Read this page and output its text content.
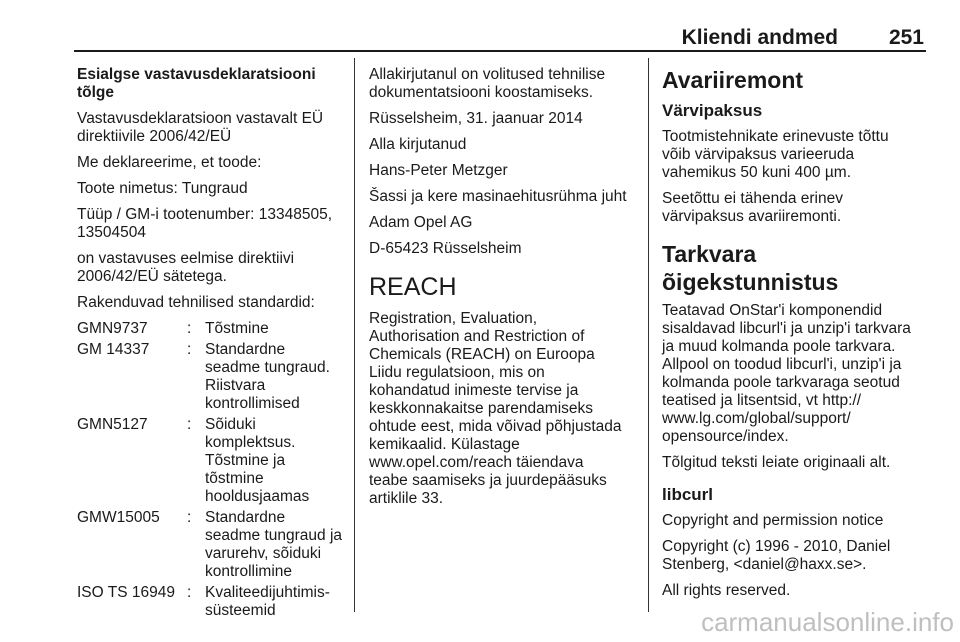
Kliendi andmed 251

Esialgse vastavusdeklaratsiooni
tõlge

Vastavusdeklaratsioon vastavalt EÜ
direktiivile 2006/42/EÜ

Me deklareerime, et toode:

Toote nimetus: Tungraud

Tüüp / GM-i tootenumber: 13348505,
13504504

on vastavuses eelmise direktiivi
2006/42/EÜ sätetega.

Rakenduvad tehnilised standardid:

GMN9737	:	Tõstmine
GM 14337	:	Standardne
seadme tungraud.
Riistvara
kontrollimised
GMN5127	:	Sõiduki
komplektsus.
Tõstmine ja
tõstmine
hooldusjaamas
GMW15005	:	Standardne
seadme tungraud ja
varurehv, sõiduki
kontrollimine
ISO TS 16949	:	Kvaliteedijuhtimis-
süsteemid

Allakirjutanul on volitused tehnilise
dokumentatsiooni koostamiseks.

Rüsselsheim, 31. jaanuar 2014

Alla kirjutanud

Hans-Peter Metzger

Šassi ja kere masinaehitusrühma juht

Adam Opel AG

D-65423 Rüsselsheim

REACH

Registration, Evaluation,
Authorisation and Restriction of
Chemicals (REACH) on Euroopa
Liidu regulatsioon, mis on
kohandatud inimeste tervise ja
keskkonnakaitse parendamiseks
ohtude eest, mida võivad põhjustada
kemikaalid. Külastage
www.opel.com/reach täiendava
teabe saamiseks ja juurdepääsuks
artiklile 33.

Avariiremont
Värvipaksus

Tootmistehnikate erinevuste tõttu
võib värvipaksus varieeruda
vahemikus 50 kuni 400 µm.

Seetõttu ei tähenda erinev
värvipaksus avariiremonti.

Tarkvara õigekstunnistus

Teatavad OnStar'i komponendid
sisaldavad libcurl'i ja unzip'i tarkvara
ja muud kolmanda poole tarkvara.
Allpool on toodud libcurl'i, unzip'i ja
kolmanda poole tarkvaraga seotud
teatised ja litsentsid, vt http://
www.lg.com/global/support/
opensource/index.

Tõlgitud teksti leiate originaali alt.

libcurl

Copyright and permission notice

Copyright (c) 1996 - 2010, Daniel
Stenberg, <daniel@haxx.se>.

All rights reserved.

carmanualsonline.info
